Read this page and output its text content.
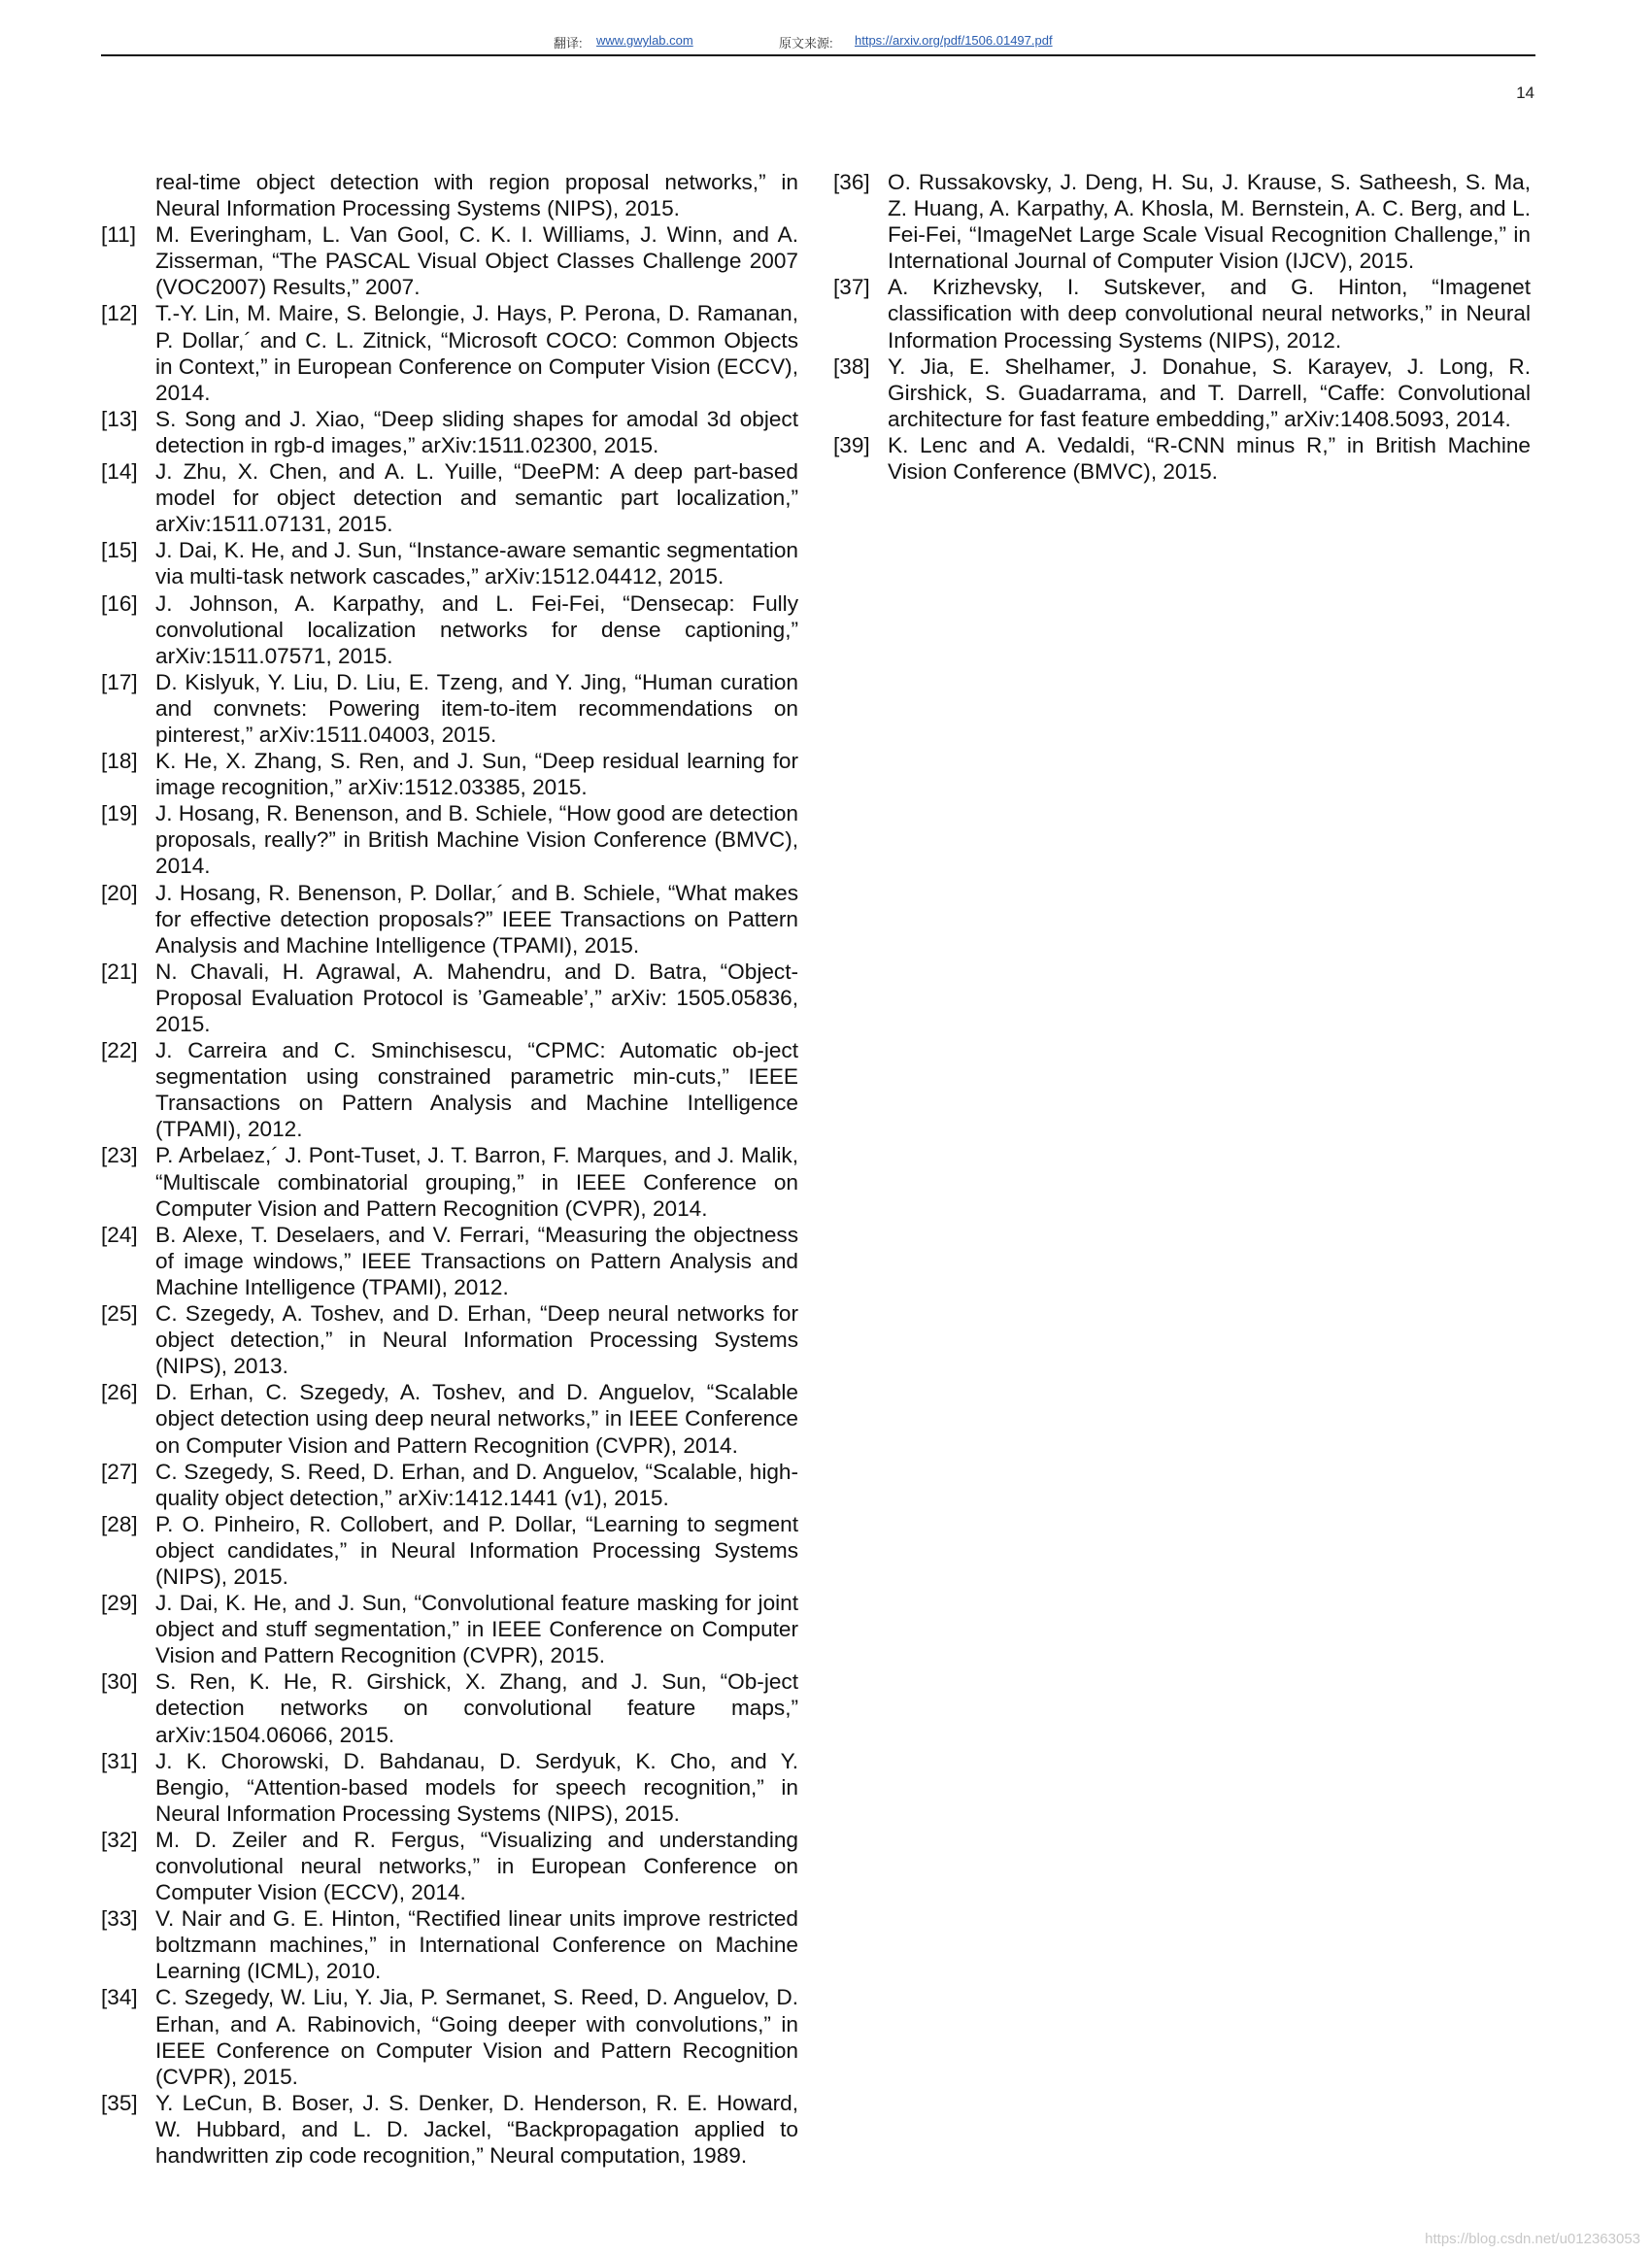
翻译: www.gwylab.com	原文来源: https://arxiv.org/pdf/1506.01497.pdf
14
real-time object detection with region proposal networks,” in Neural Information Processing Systems (NIPS), 2015.
[11] M. Everingham, L. Van Gool, C. K. I. Williams, J. Winn, and A. Zisserman, “The PASCAL Visual Object Classes Challenge 2007 (VOC2007) Results,” 2007.
[12] T.-Y. Lin, M. Maire, S. Belongie, J. Hays, P. Perona, D. Ramanan, P. Dollar,´ and C. L. Zitnick, “Microsoft COCO: Common Objects in Context,” in European Conference on Computer Vision (ECCV), 2014.
[13] S. Song and J. Xiao, “Deep sliding shapes for amodal 3d object detection in rgb-d images,” arXiv:1511.02300, 2015.
[14] J. Zhu, X. Chen, and A. L. Yuille, “DeePM: A deep part-based model for object detection and semantic part localization,” arXiv:1511.07131, 2015.
[15] J. Dai, K. He, and J. Sun, “Instance-aware semantic segmentation via multi-task network cascades,” arXiv:1512.04412, 2015.
[16] J. Johnson, A. Karpathy, and L. Fei-Fei, “Densecap: Fully convolutional localization networks for dense captioning,” arXiv:1511.07571, 2015.
[17] D. Kislyuk, Y. Liu, D. Liu, E. Tzeng, and Y. Jing, “Human curation and convnets: Powering item-to-item recommendations on pinterest,” arXiv:1511.04003, 2015.
[18] K. He, X. Zhang, S. Ren, and J. Sun, “Deep residual learning for image recognition,” arXiv:1512.03385, 2015.
[19] J. Hosang, R. Benenson, and B. Schiele, “How good are detection proposals, really?” in British Machine Vision Conference (BMVC), 2014.
[20] J. Hosang, R. Benenson, P. Dollar,´ and B. Schiele, “What makes for effective detection proposals?” IEEE Transactions on Pattern Analysis and Machine Intelligence (TPAMI), 2015.
[21] N. Chavali, H. Agrawal, A. Mahendru, and D. Batra, “Object-Proposal Evaluation Protocol is ’Gameable’,” arXiv: 1505.05836, 2015.
[22] J. Carreira and C. Sminchisescu, “CPMC: Automatic ob-ject segmentation using constrained parametric min-cuts,” IEEE Transactions on Pattern Analysis and Machine Intelligence (TPAMI), 2012.
[23] P. Arbelaez,´ J. Pont-Tuset, J. T. Barron, F. Marques, and J. Malik, “Multiscale combinatorial grouping,” in IEEE Conference on Computer Vision and Pattern Recognition (CVPR), 2014.
[24] B. Alexe, T. Deselaers, and V. Ferrari, “Measuring the objectness of image windows,” IEEE Transactions on Pattern Analysis and Machine Intelligence (TPAMI), 2012.
[25] C. Szegedy, A. Toshev, and D. Erhan, “Deep neural networks for object detection,” in Neural Information Processing Systems (NIPS), 2013.
[26] D. Erhan, C. Szegedy, A. Toshev, and D. Anguelov, “Scalable object detection using deep neural networks,” in IEEE Conference on Computer Vision and Pattern Recognition (CVPR), 2014.
[27] C. Szegedy, S. Reed, D. Erhan, and D. Anguelov, “Scalable, high-quality object detection,” arXiv:1412.1441 (v1), 2015.
[28] P. O. Pinheiro, R. Collobert, and P. Dollar, “Learning to segment object candidates,” in Neural Information Processing Systems (NIPS), 2015.
[29] J. Dai, K. He, and J. Sun, “Convolutional feature masking for joint object and stuff segmentation,” in IEEE Conference on Computer Vision and Pattern Recognition (CVPR), 2015.
[30] S. Ren, K. He, R. Girshick, X. Zhang, and J. Sun, “Ob-ject detection networks on convolutional feature maps,” arXiv:1504.06066, 2015.
[31] J. K. Chorowski, D. Bahdanau, D. Serdyuk, K. Cho, and Y. Bengio, “Attention-based models for speech recognition,” in Neural Information Processing Systems (NIPS), 2015.
[32] M. D. Zeiler and R. Fergus, “Visualizing and understanding convolutional neural networks,” in European Conference on Computer Vision (ECCV), 2014.
[33] V. Nair and G. E. Hinton, “Rectified linear units improve restricted boltzmann machines,” in International Conference on Machine Learning (ICML), 2010.
[34] C. Szegedy, W. Liu, Y. Jia, P. Sermanet, S. Reed, D. Anguelov, D. Erhan, and A. Rabinovich, “Going deeper with convolutions,” in IEEE Conference on Computer Vision and Pattern Recognition (CVPR), 2015.
[35] Y. LeCun, B. Boser, J. S. Denker, D. Henderson, R. E. Howard, W. Hubbard, and L. D. Jackel, “Backpropagation applied to handwritten zip code recognition,” Neural computation, 1989.
[36] O. Russakovsky, J. Deng, H. Su, J. Krause, S. Satheesh, S. Ma, Z. Huang, A. Karpathy, A. Khosla, M. Bernstein, A. C. Berg, and L. Fei-Fei, “ImageNet Large Scale Visual Recognition Challenge,” in International Journal of Computer Vision (IJCV), 2015.
[37] A. Krizhevsky, I. Sutskever, and G. Hinton, “Imagenet classification with deep convolutional neural networks,” in Neural Information Processing Systems (NIPS), 2012.
[38] Y. Jia, E. Shelhamer, J. Donahue, S. Karayev, J. Long, R. Girshick, S. Guadarrama, and T. Darrell, “Caffe: Convolutional architecture for fast feature embedding,” arXiv:1408.5093, 2014.
[39] K. Lenc and A. Vedaldi, “R-CNN minus R,” in British Machine Vision Conference (BMVC), 2015.
https://blog.csdn.net/u012363053
